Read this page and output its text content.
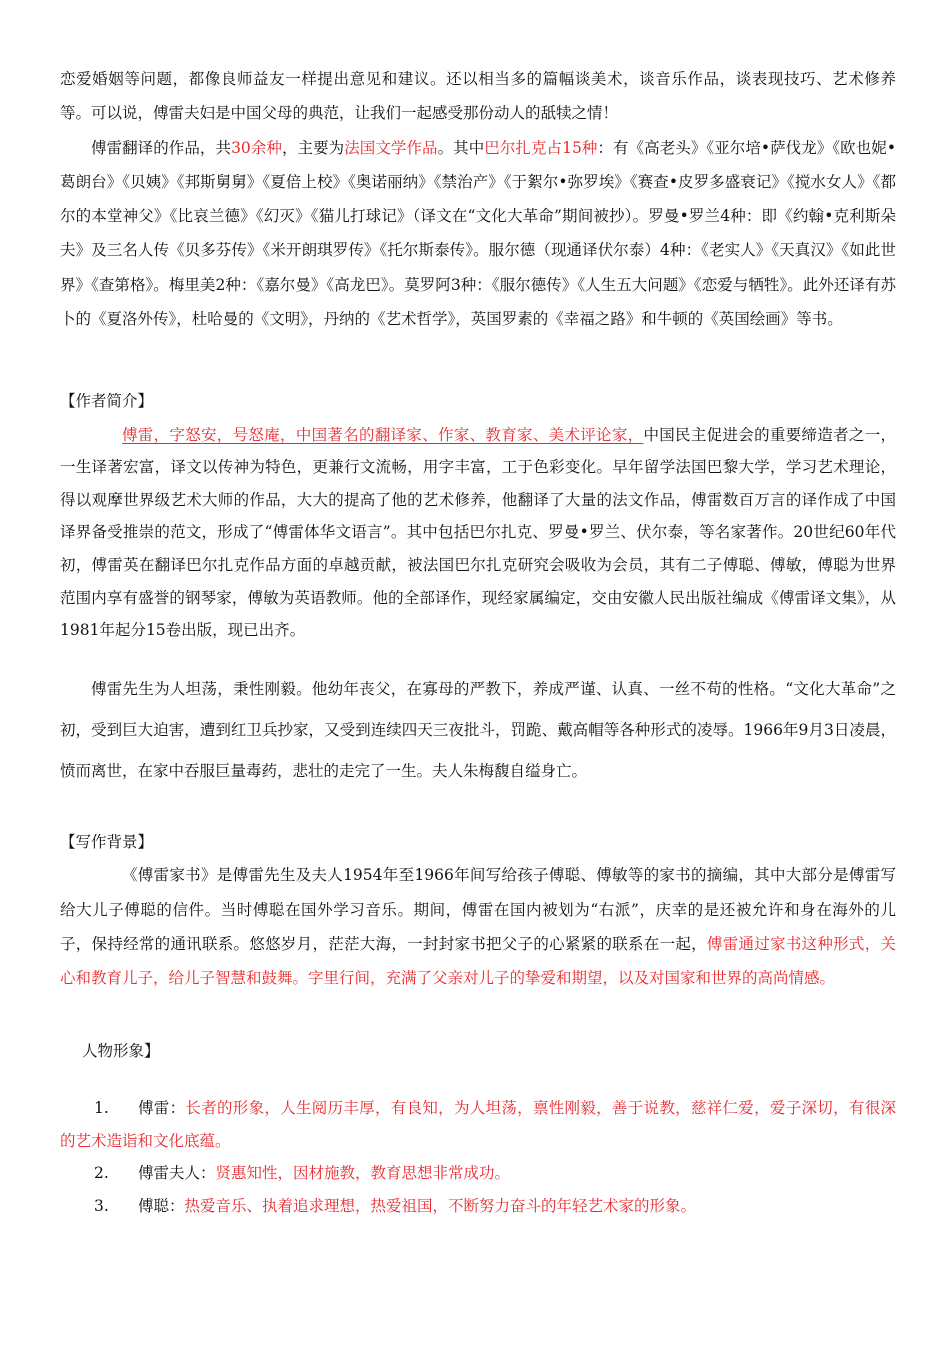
恋爱婚姻等问题，都像良师益友一样提出意见和建议。还以相当多的篇幅谈美术，谈音乐作品，谈表现技巧、艺术修养等。可以说，傅雷夫妇是中国父母的典范，让我们一起感受那份动人的舐犊之情！

傅雷翻译的作品，共30余种，主要为法国文学作品。其中巴尔扎克占15种：有《高老头》《亚尔培•萨伐龙》《欧也妮•葛朗台》《贝姨》《邦斯舅舅》《夏倍上校》《奥诺丽纳》《禁治产》《于絮尔•弥罗埃》《赛查•皮罗多盛衰记》《搅水女人》《都尔的本堂神父》《比哀兰德》《幻灭》《猫儿打球记》（译文在“文化大革命”期间被抄）。罗曼•罗兰4种：即《约翰•克利斯朵夫》及三名人传《贝多芬传》《米开朗琪罗传》《托尔斯泰传》。服尔德（现通译伏尔泰）4种：《老实人》《天真汉》《如此世界》《查第格》。梅里美2种：《嘉尔曼》《高龙巴》。莫罗阿3种：《服尔德传》《人生五大问题》《恋爱与牺牲》。此外还译有苏卜的《夏洛外传》，杜哈曼的《文明》，丹纳的《艺术哲学》，英国罗素的《幸福之路》和牛顿的《英国绘画》等书。

【作者简介】

傅雷，字怒安，号怒庵，中国著名的翻译家、作家、教育家、美术评论家，中国民主促进会的重要缔造者之一，一生译著宏富，译文以传神为特色，更兼行文流畅，用字丰富，工于色彩变化。早年留学法国巴黎大学，学习艺术理论，得以观摩世界级艺术大师的作品，大大的提高了他的艺术修养，他翻译了大量的法文作品，傅雷数百万言的译作成了中国译界备受推崇的范文，形成了“傅雷体华文语言”。其中包括巴尔扎克、罗曼•罗兰、伏尔泰，等名家著作。20世纪60年代初，傅雷英在翻译巴尔扎克作品方面的卓越贡献，被法国巴尔扎克研究会吸收为会员，其有二子傅聪、傅敏，傅聪为世界范围内享有盛誉的钢琴家，傅敏为英语教师。他的全部译作，现经家属编定，交由安徽人民出版社编成《傅雷译文集》，从1981年起分15卷出版，现已出齐。

傅雷先生为人坦荡，秉性刚毅。他幼年丧父，在寡母的严教下，养成严谨、认真、一丝不苟的性格。“文化大革命”之初，受到巨大迫害，遭到红卫兵抄家，又受到连续四天三夜批斗，罚跪、戴高帽等各种形式的凌辱。1966年9月3日凌晨，愤而离世，在家中吞服巨量毒药，悲壮的走完了一生。夫人朱梅馥自缢身亡。

【写作背景】

《傅雷家书》是傅雷先生及夫人1954年至1966年间写给孩子傅聪、傅敏等的家书的摘编，其中大部分是傅雷写给大儿子傅聪的信件。当时傅聪在国外学习音乐。期间，傅雷在国内被划为“右派”，庆幸的是还被允许和身在海外的儿子，保持经常的通讯联系。悠悠岁月，茫茫大海，一封封家书把父子的心紧紧的联系在一起，傅雷通过家书这种形式，关心和教育儿子，给儿子智慧和鼓舞。字里行间，充满了父亲对儿子的挚爱和期望，以及对国家和世界的高尚情感。

人物形象】

1. 傅雷：长者的形象，人生阅历丰厚，有良知，为人坦荡，禀性刚毅，善于说教，慈祥仁爱，爱子深切，有很深的艺术造诣和文化底蕴。

2. 傅雷夫人：贤惠知性，因材施教，教育思想非常成功。

3. 傅聪：热爱音乐、执着追求理想，热爱祖国，不断努力奋斗的年轻艺术家的形象。
